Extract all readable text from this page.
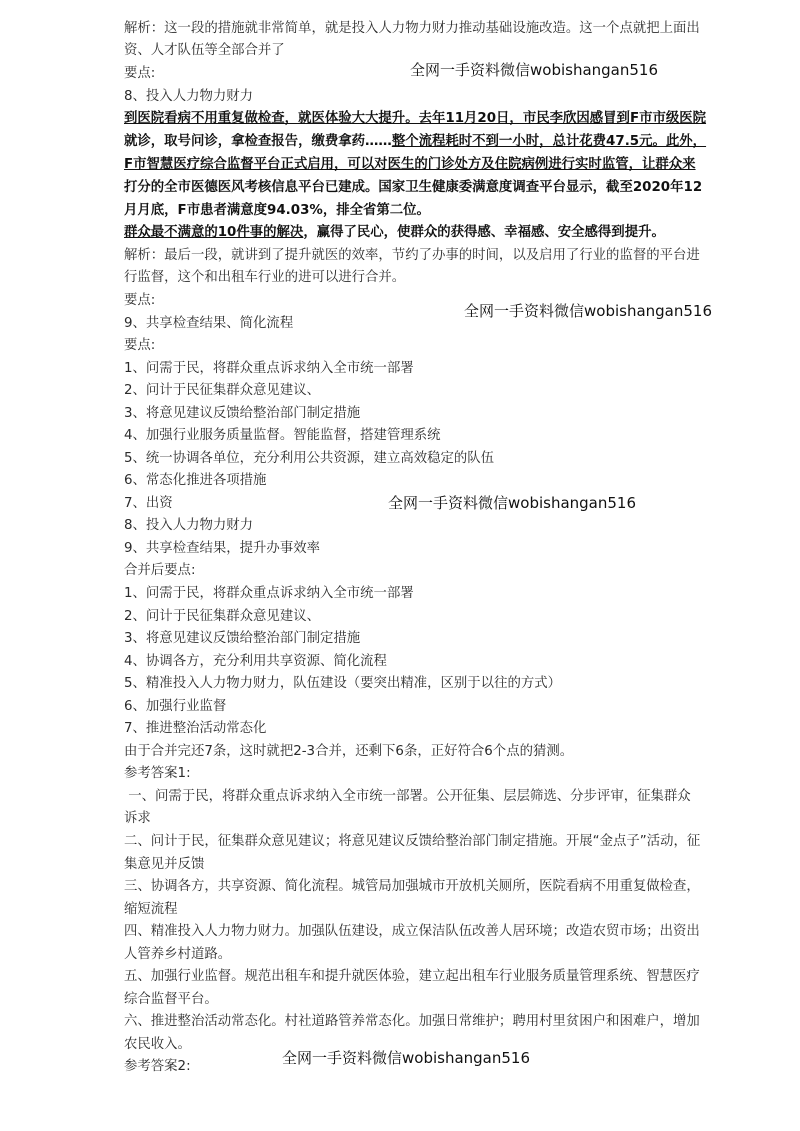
解析：这一段的措施就非常简单，就是投入人力物力财力推动基础设施改造。这一个点就把上面出
资、人才队伍等全部合并了
要点:
8、投入人力物力财力
到医院看病不用重复做检查，就医体验大大提升。去年11月20日，市民李欣因感冒到F市市级医院
就诊，取号问诊，拿检查报告，缴费拿药……整个流程耗时不到一小时，总计花费47.5元。此外，
F市智慧医疗综合监督平台正式启用，可以对医生的门诊处方及住院病例进行实时监管，让群众来
打分的全市医德医风考核信息平台已建成。国家卫生健康委满意度调查平台显示，截至2020年12
月月底，F市患者满意度94.03%，排全省第二位。
群众最不满意的10件事的解决，赢得了民心，使群众的获得感、幸福感、安全感得到提升。
解析：最后一段，就讲到了提升就医的效率，节约了办事的时间，以及启用了行业的监督的平台进
行监督，这个和出租车行业的进可以进行合并。
要点:
9、共享检查结果、简化流程
要点:
1、问需于民，将群众重点诉求纳入全市统一部署
2、问计于民征集群众意见建议、
3、将意见建议反馈给整治部门制定措施
4、加强行业服务质量监督。智能监督，搭建管理系统
5、统一协调各单位，充分利用公共资源，建立高效稳定的队伍
6、常态化推进各项措施
7、出资
8、投入人力物力财力
9、共享检查结果，提升办事效率
合并后要点:
1、问需于民，将群众重点诉求纳入全市统一部署
2、问计于民征集群众意见建议、
3、将意见建议反馈给整治部门制定措施
4、协调各方，充分利用共享资源、简化流程
5、精准投入人力物力财力，队伍建设（要突出精准，区别于以往的方式）
6、加强行业监督
7、推进整治活动常态化
由于合并完还7条，这时就把2-3合并，还剩下6条，正好符合6个点的猜测。
参考答案1:
一、问需于民，将群众重点诉求纳入全市统一部署。公开征集、层层筛选、分步评审，征集群众
诉求
二、问计于民，征集群众意见建议；将意见建议反馈给整治部门制定措施。开展“金点子”活动，征
集意见并反馈
三、协调各方，共享资源、简化流程。城管局加强城市开放机关厕所，医院看病不用重复做检查，
缩短流程
四、精准投入人力物力财力。加强队伍建设，成立保洁队伍改善人居环境；改造农贸市场；出资出
人管养乡村道路。
五、加强行业监督。规范出租车和提升就医体验，建立起出租车行业服务质量管理系统、智慧医疗
综合监督平台。
六、推进整治活动常态化。村社道路管养常态化。加强日常维护；聘用村里贫困户和困难户，增加
农民收入。
参考答案2:
全网一手资料微信wobishangan516
全网一手资料微信wobishangan516
全网一手资料微信wobishangan516
全网一手资料微信wobishangan516
